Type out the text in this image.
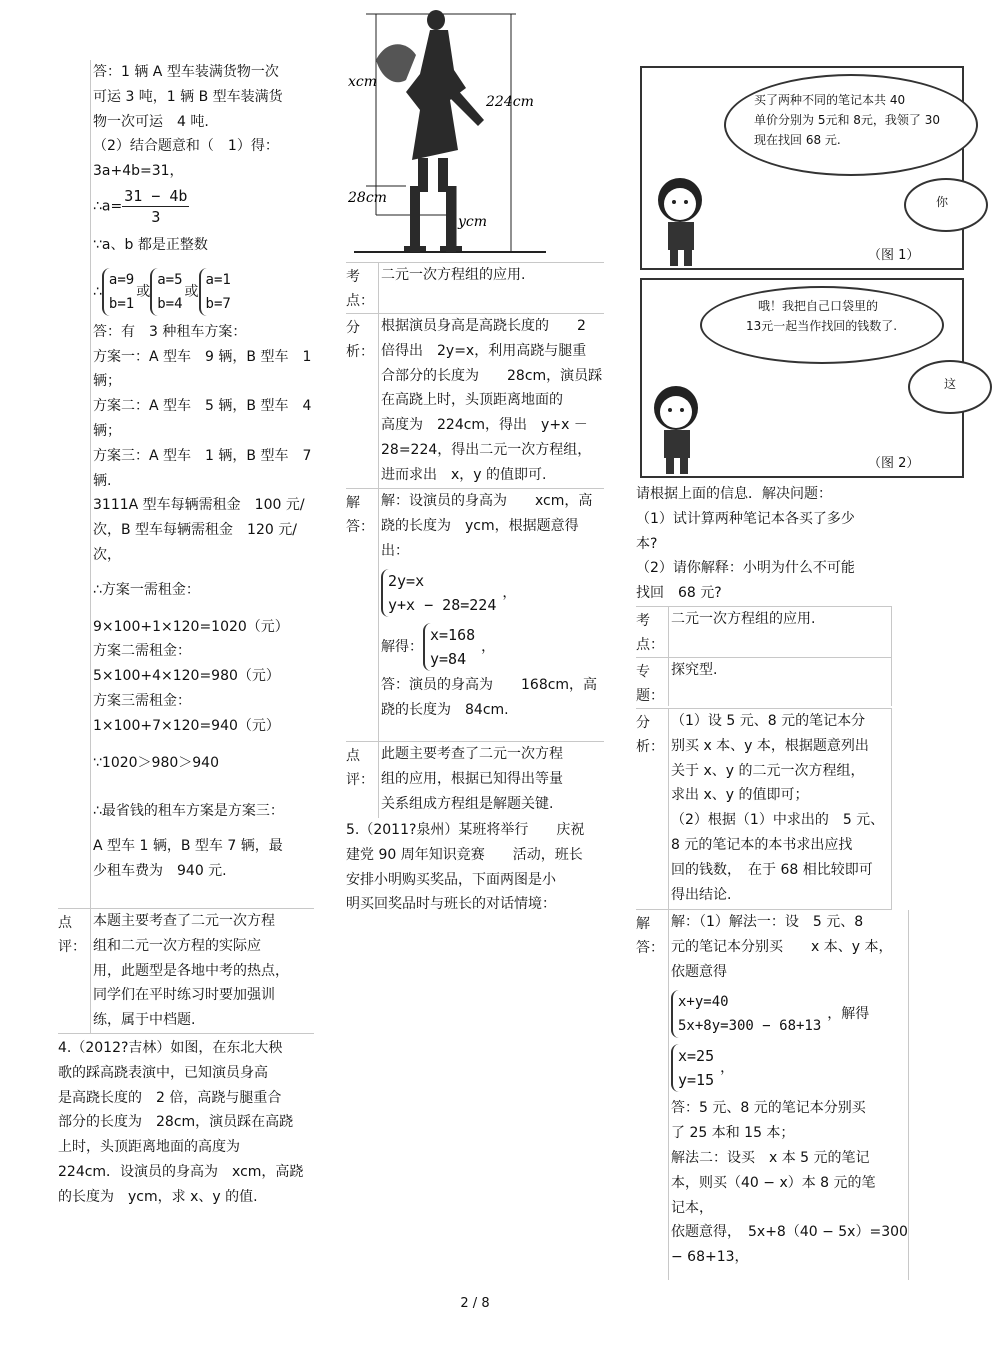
答：1 辆 A 型车装满货物一次
可运 3 吨，1 辆 B 型车装满货
物一次可运　4 吨.
（2）结合题意和（　1）得：
3a+4b=31，
∴a= $\frac{31 - 4b}{3}$
∵a、b 都是正整数
∴
a=9
b=1
或
a=5
b=4
或
a=1
b=7
答：有　3 种租车方案：
方案一：A 型车　9 辆，B 型车　1
辆；
方案二：A 型车　5 辆，B 型车　4
辆；
方案三：A 型车　1 辆，B 型车　7
辆.
3111A 型车每辆需租金　100 元/
次，B 型车每辆需租金　120 元/
次，
∴方案一需租金：
9×100+1×120=1020（元）
方案二需租金：
5×100+4×120=980（元）
方案三需租金：
1×100+7×120=940（元）
∵1020＞980＞940
∴最省钱的租车方案是方案三：
A 型车 1 辆，B 型车 7 辆，最
少租车费为　940 元.
点
评：
本题主要考查了二元一次方程
组和二元一次方程的实际应
用，此题型是各地中考的热点，
同学们在平时练习时要加强训
练，属于中档题.
4.（2012?吉林）如图，在东北大秧
歌的踩高跷表演中，已知演员身高
是高跷长度的　2 倍，高跷与腿重合
部分的长度为　28cm，演员踩在高跷
上时，头顶距离地面的高度为
224cm．设演员的身高为　xcm，高跷
的长度为　ycm，求 x、y 的值.
xcm
224cm
28cm
ycm
考
点：
二元一次方程组的应用.
分
析：
根据演员身高是高跷长度的　　2
倍得出　2y=x，利用高跷与腿重
合部分的长度为　　28cm，演员踩
在高跷上时，头顶距离地面的
高度为　224cm，得出　y+x －
28=224，得出二元一次方程组，
进而求出　x，y 的值即可.
解
答：
解：设演员的身高为　　xcm，高
跷的长度为　ycm，根据题意得
出：
2y=x
y+x − 28=224
，
解得：
x=168
y=84
，
答：演员的身高为　　168cm，高
跷的长度为　84cm.
点
评：
此题主要考查了二元一次方程
组的应用，根据已知得出等量
关系组成方程组是解题关键.
5.（2011?泉州）某班将举行　　庆祝
建党 90 周年知识竞赛　　活动，班长
安排小明购买奖品，下面两图是小
明买回奖品时与班长的对话情境：
买了两种不同的笔记本共 40
单价分别为 5元和 8元，我领了 30
现在找回 68 元.
你
（图 1）
哦！我把自己口袋里的
13元一起当作找回的钱数了.
这
（图 2）
请根据上面的信息．解决问题：
（1）试计算两种笔记本各买了多少
本?
（2）请你解释：小明为什么不可能
找回　68 元?
考
点：
二元一次方程组的应用.
专
题：
探究型.
分
析：
（1）设 5 元、8 元的笔记本分
别买 x 本、y 本，根据题意列出
关于 x、y 的二元一次方程组，
求出 x、y 的值即可；
（2）根据（1）中求出的　5 元、
8 元的笔记本的本书求出应找
回的钱数，　在于 68 相比较即可
得出结论.
解
答：
解：（1）解法一：设　5 元、8
元的笔记本分别买　　x 本、y 本，
依题意得
x+y=40
5x+8y=300 − 68+13
，解得
x=25
y=15
，
答：5 元、8 元的笔记本分别买
了 25 本和 15 本；
解法二：设买　x 本 5 元的笔记
本，则买（40 − x）本 8 元的笔
记本，
依题意得，　5x+8（40 − 5x）=300
− 68+13，
2 / 8
